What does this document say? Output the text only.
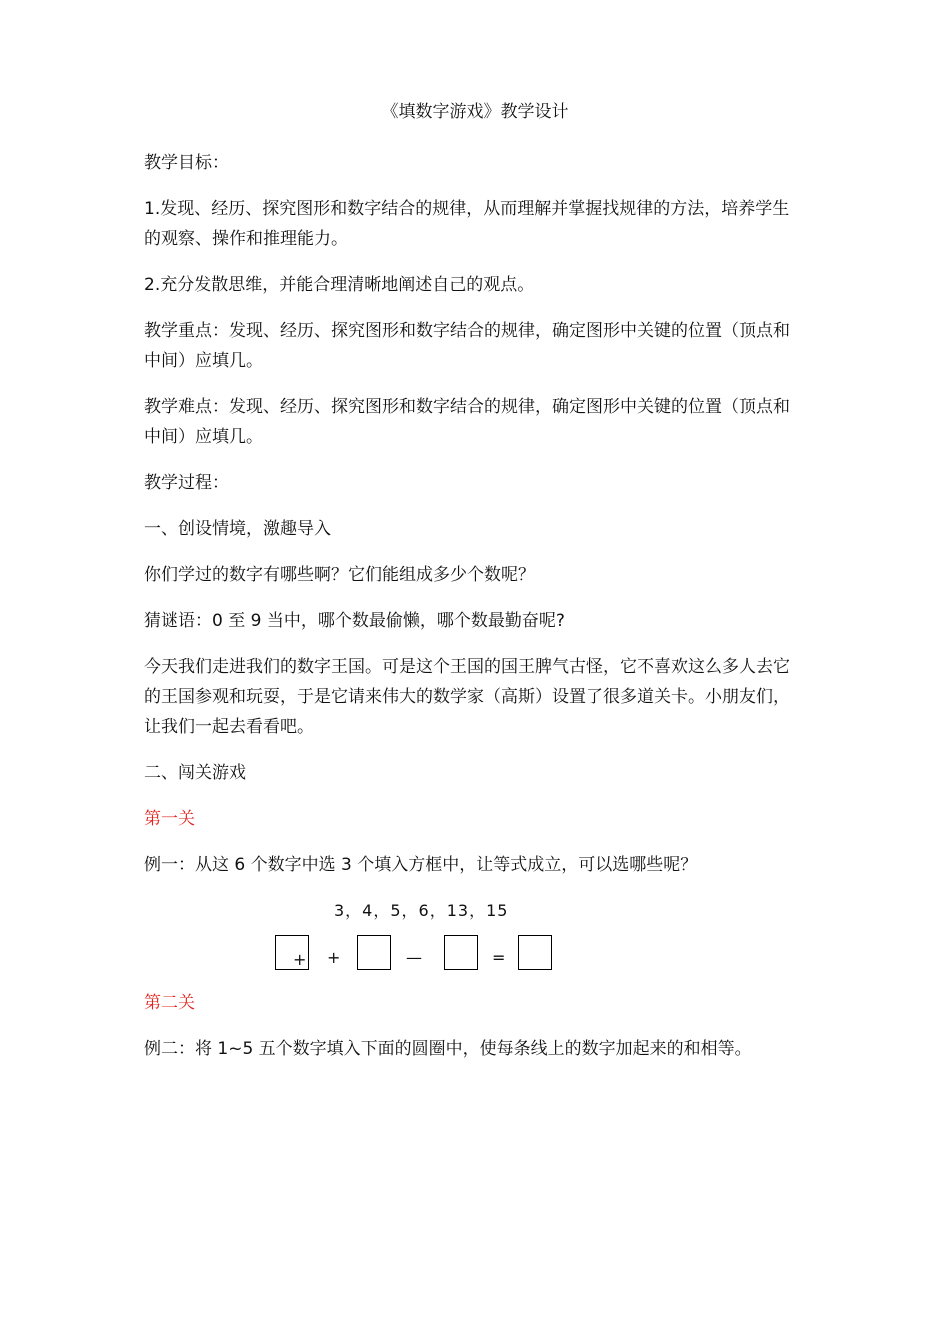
《填数字游戏》教学设计

教学目标：

1.发现、经历、探究图形和数字结合的规律，从而理解并掌握找规律的方法，培养学生的观察、操作和推理能力。

2.充分发散思维，并能合理清晰地阐述自己的观点。

教学重点：发现、经历、探究图形和数字结合的规律，确定图形中关键的位置（顶点和中间）应填几。

教学难点：发现、经历、探究图形和数字结合的规律，确定图形中关键的位置（顶点和中间）应填几。

教学过程：

一、创设情境，激趣导入

你们学过的数字有哪些啊？它们能组成多少个数呢？

猜谜语：0 至 9 当中，哪个数最偷懒，哪个数最勤奋呢?

今天我们走进我们的数字王国。可是这个王国的国王脾气古怪，它不喜欢这么多人去它的王国参观和玩耍，于是它请来伟大的数学家（高斯）设置了很多道关卡。小朋友们，让我们一起去看看吧。

二、闯关游戏

第一关

例一：从这 6 个数字中选 3 个填入方框中，让等式成立，可以选哪些呢？

3，4，5，6，13，15
+ +	—	=

第二关

例二：将 1~5 五个数字填入下面的圆圈中，使每条线上的数字加起来的和相等。
